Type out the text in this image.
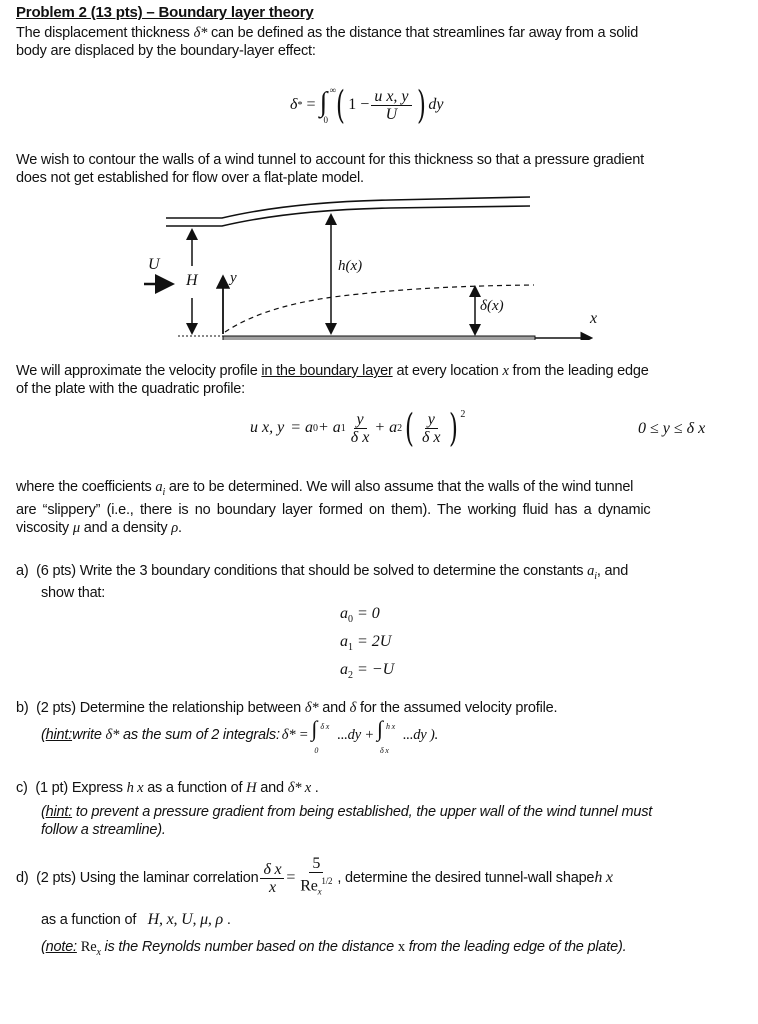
Problem 2 (13 pts) – Boundary layer theory
The displacement thickness δ* can be defined as the distance that streamlines far away from a solid
body are displaced by the boundary-layer effect:
δ * = ∫ ∞
0 ( $1 - \frac{\text{u x, y}}{U}$ ) dy
We wish to contour the walls of a wind tunnel to account for this thickness so that a pressure gradient
does not get established for flow over a flat-plate model.
U
H y
h(x)
δ(x)
x
We will approximate the velocity profile in the boundary layer at every location x from the leading edge
of the plate with the quadratic profile:
u x, y = a 0 + a $1 \frac{y}{\text{δ x}} + a$ 2 ( $\frac{y}{\text{δ x}}$ ) $^2$
0 ≤ y ≤ δ x
where the coefficients $a_i$ are to be determined. We will also assume that the walls of the wind tunnel
are “slippery” (i.e., there is no boundary layer formed on them). The working fluid has a dynamic
viscosity μ and a density ρ.
a) (6 pts) Write the 3 boundary conditions that should be solved to determine the constants $a_i$, and
show that:
$a_0 = 0$
$a_1 = 2U$
$a_2 = -U$
b) (2 pts) Determine the relationship between δ* and δ for the assumed velocity profile.
( hint: write
δ*
as the sum of 2 integrals: δ* = ∫ δ x
0
...dy + ∫ h x
δ x
...dy ).
c) (1 pt) Express h x as a function of H and δ* x .
(hint: to prevent a pressure gradient from being established, the upper wall of the wind tunnel must
follow a streamline).
d)
(2 pts) Using the laminar correlation $\frac{\text{δ x}}{x} = \frac{5}{Re_x^{1/2}}$ , determine the desired tunnel-wall shape h x
as a function of   H, x, U, μ, ρ .
(note: $Re_x$ is the Reynolds number based on the distance x from the leading edge of the plate).
